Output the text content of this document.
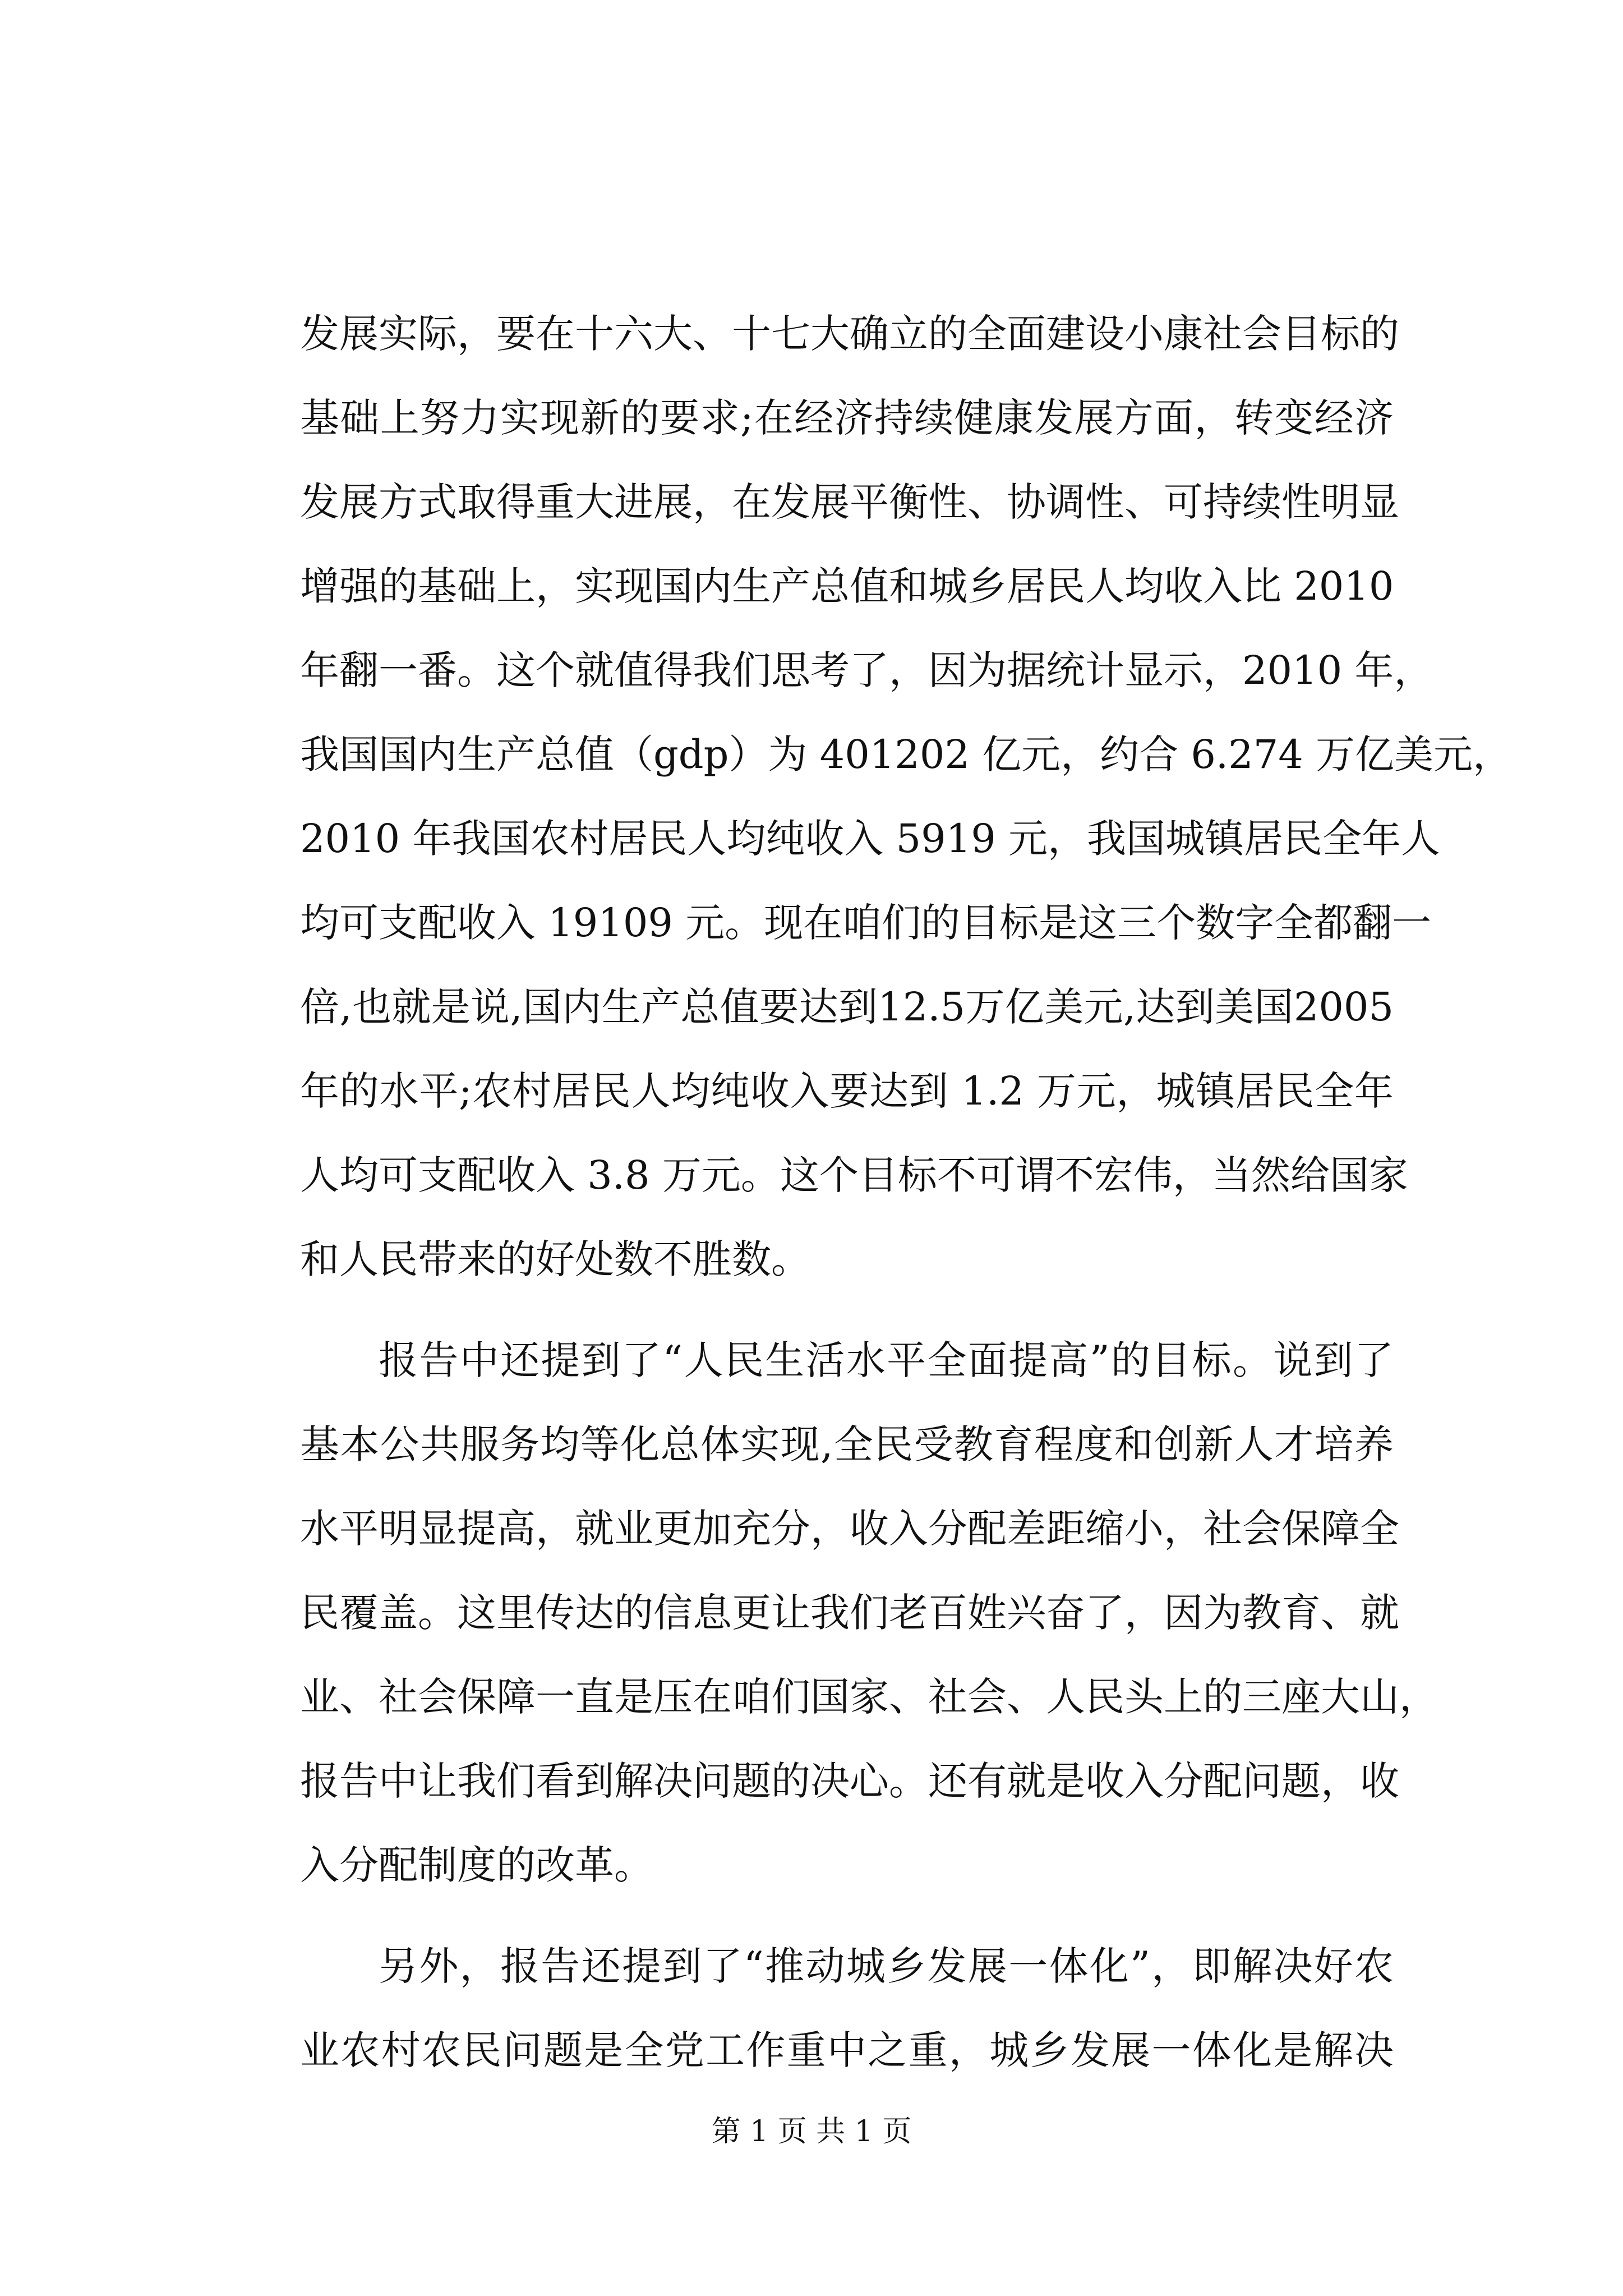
发展实际，要在十六大、十七大确立的全面建设小康社会目标的
基础上努力实现新的要求;在经济持续健康发展方面，转变经济
发展方式取得重大进展，在发展平衡性、协调性、可持续性明显
增强的基础上，实现国内生产总值和城乡居民人均收入比 2010
年翻一番。这个就值得我们思考了，因为据统计显示，2010 年，
我国国内生产总值（gdp）为 401202 亿元，约合 6.274 万亿美元，
2010 年我国农村居民人均纯收入 5919 元，我国城镇居民全年人
均可支配收入 19109 元。现在咱们的目标是这三个数字全都翻一
倍,也就是说,国内生产总值要达到12.5万亿美元,达到美国2005
年的水平;农村居民人均纯收入要达到 1.2 万元，城镇居民全年
人均可支配收入 3.8 万元。这个目标不可谓不宏伟，当然给国家
和人民带来的好处数不胜数。
报告中还提到了“人民生活水平全面提高”的目标。说到了
基本公共服务均等化总体实现,全民受教育程度和创新人才培养
水平明显提高，就业更加充分，收入分配差距缩小，社会保障全
民覆盖。这里传达的信息更让我们老百姓兴奋了，因为教育、就
业、社会保障一直是压在咱们国家、社会、人民头上的三座大山，
报告中让我们看到解决问题的决心。还有就是收入分配问题，收
入分配制度的改革。
另外，报告还提到了“推动城乡发展一体化”，即解决好农
业农村农民问题是全党工作重中之重，城乡发展一体化是解决
第 1 页 共 1 页
